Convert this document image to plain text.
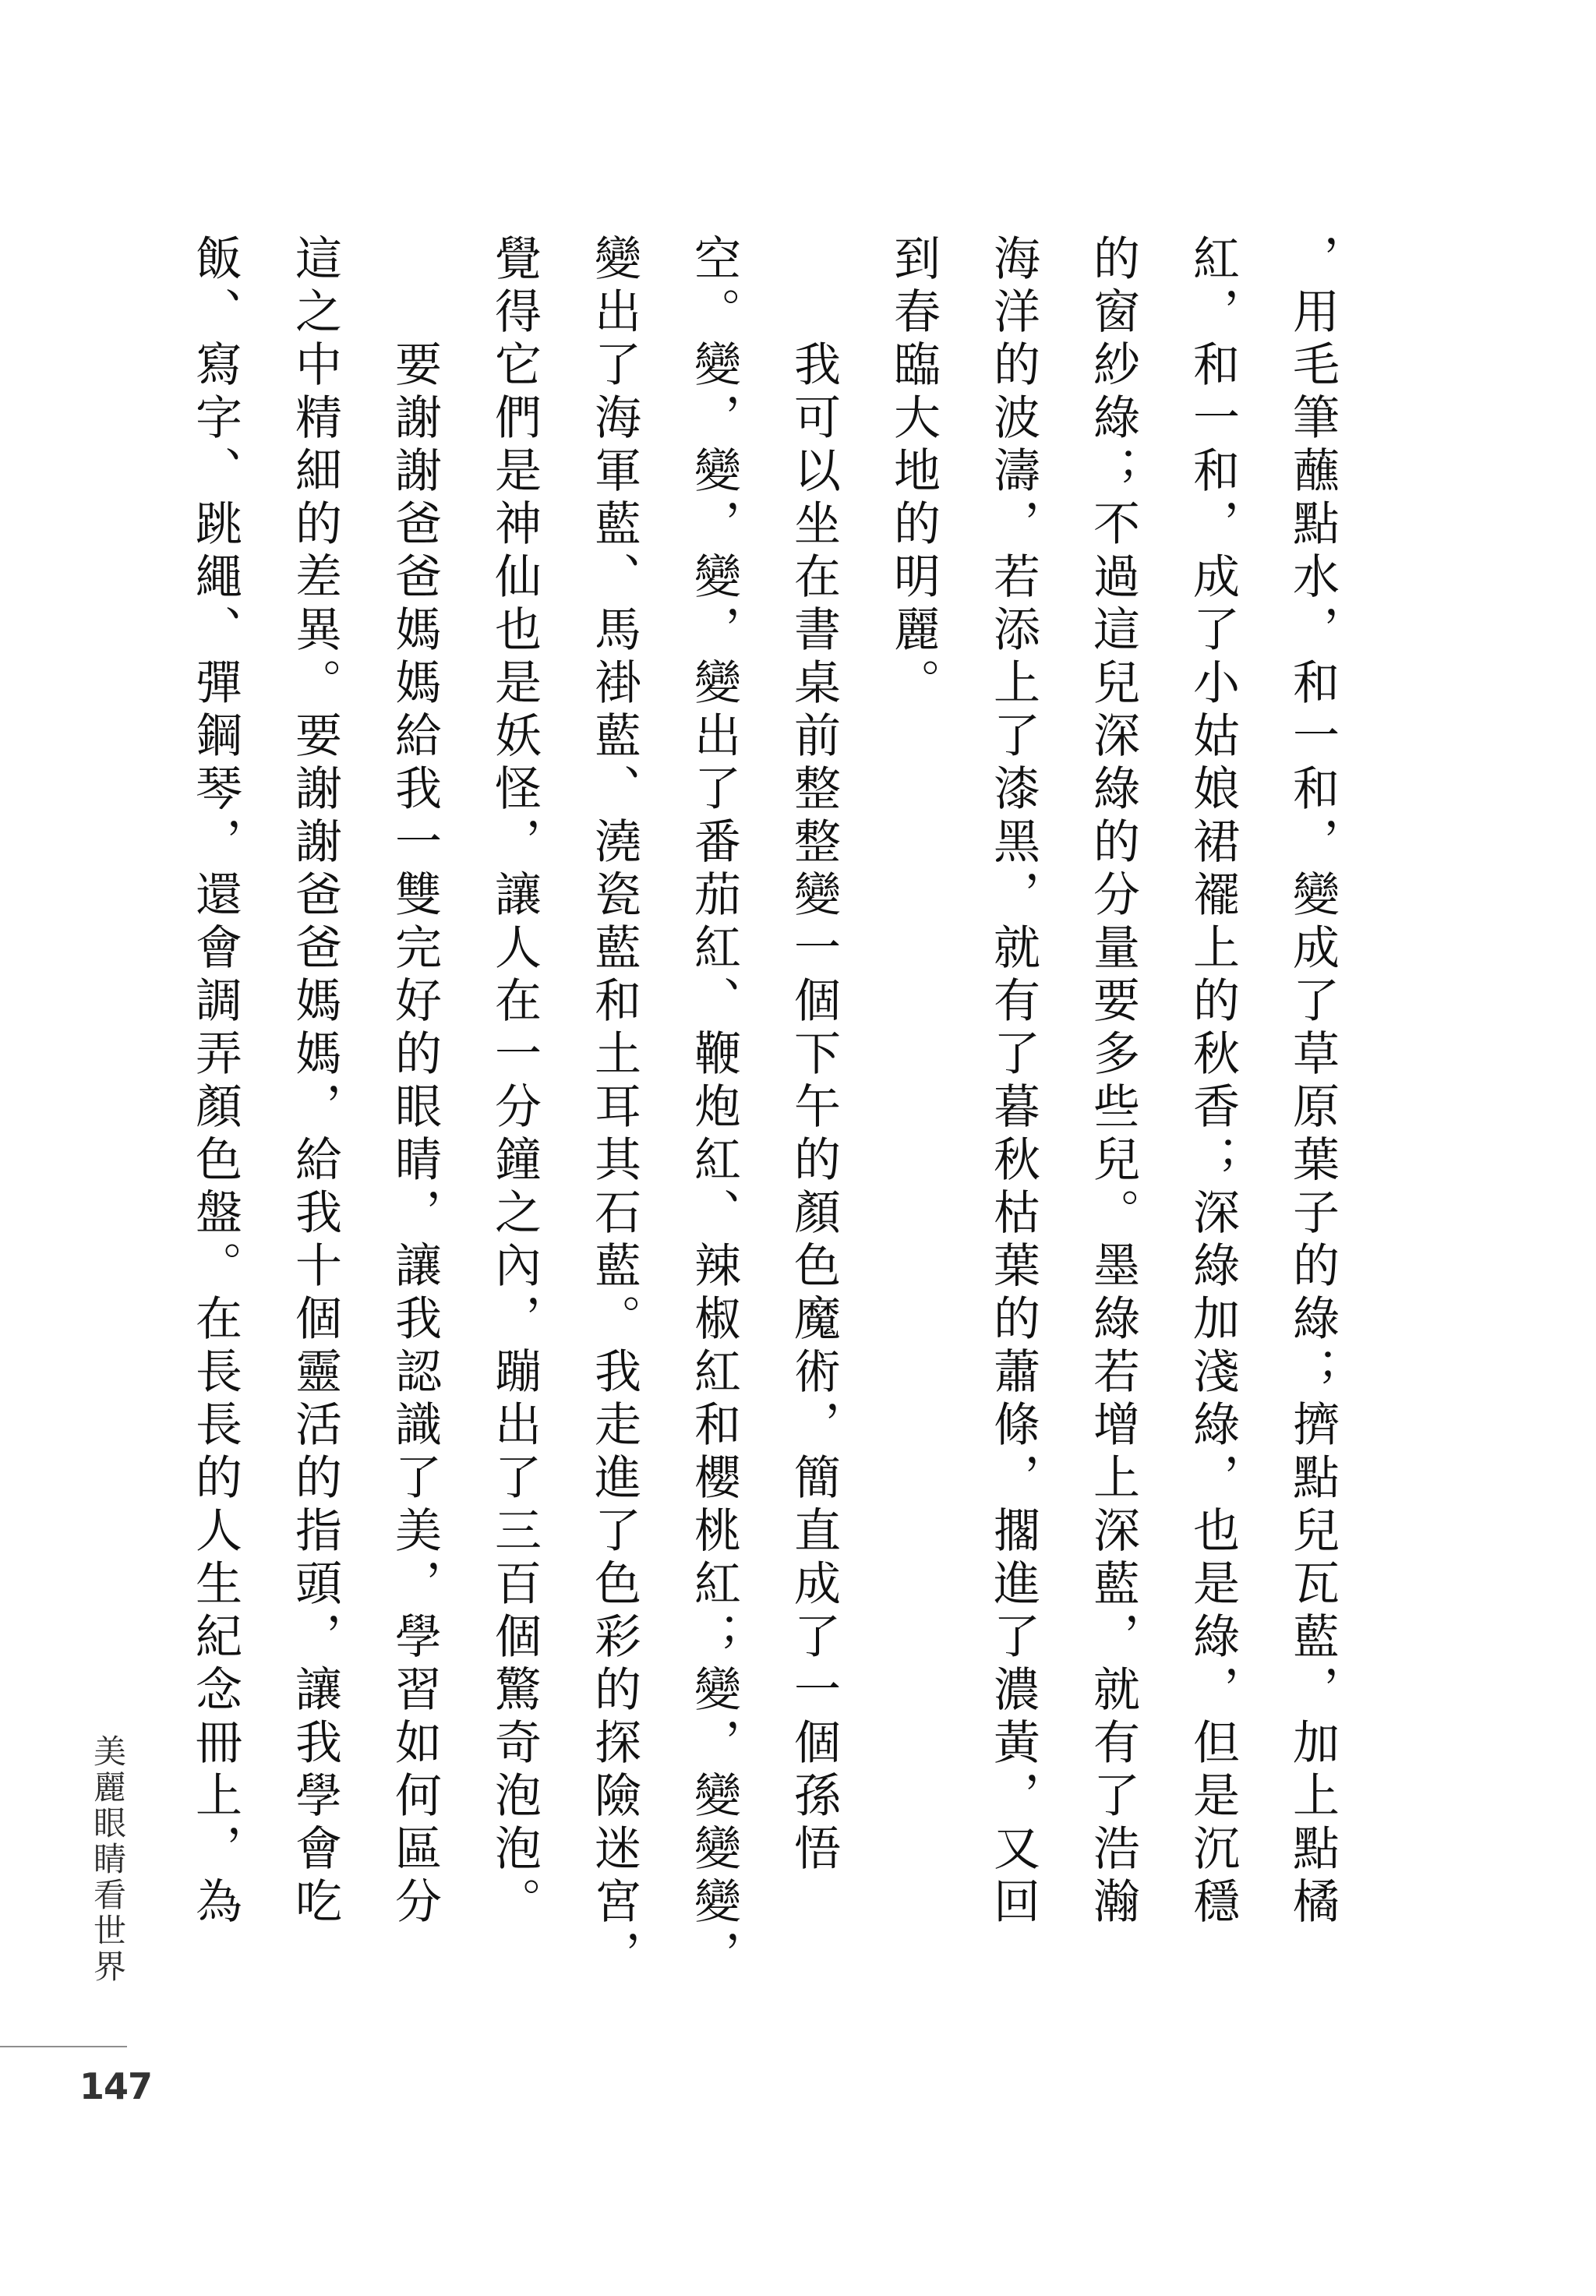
，用毛筆蘸點水，和一和，變成了草原葉子的綠；擠點兒瓦藍，加上點橘

紅，和一和，成了小姑娘裙襬上的秋香；深綠加淺綠，也是綠，但是沉穩

的窗紗綠；不過這兒深綠的分量要多些兒。墨綠若增上深藍，就有了浩瀚

海洋的波濤，若添上了漆黑，就有了暮秋枯葉的蕭條，擱進了濃黃，又回

到春臨大地的明麗。

我可以坐在書桌前整整變一個下午的顏色魔術，簡直成了一個孫悟

空。變，變，變，變出了番茄紅、鞭炮紅、辣椒紅和櫻桃紅；變，變變變，

變出了海軍藍、馬褂藍、澆瓷藍和土耳其石藍。我走進了色彩的探險迷宮，

覺得它們是神仙也是妖怪，讓人在一分鐘之內，蹦出了三百個驚奇泡泡。

要謝謝爸爸媽媽給我一雙完好的眼睛，讓我認識了美，學習如何區分

這之中精細的差異。要謝謝爸爸媽媽，給我十個靈活的指頭，讓我學會吃

飯、寫字、跳繩、彈鋼琴，還會調弄顏色盤。在長長的人生紀念冊上，為

美麗眼睛看世界
147
